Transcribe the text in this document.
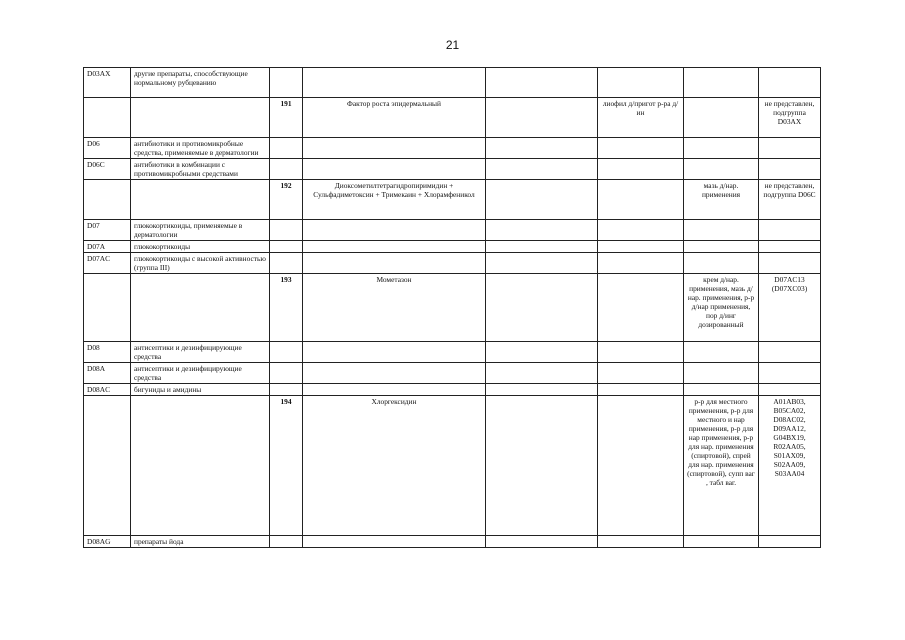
21
D03AX	другие препараты, способствующие нормальному рубцеванию						
		191	Фактор роста эпидермальный		лиофил д/пригот р-ра д/ин		не представлен, подгруппа D03AX
D06	антибиотики и противомикробные средства, применяемые в дерматологии						
D06C	антибиотики в комбинации с противомикробными средствами						
		192	Диоксометилтетрагидропиримидин + Сульфадиметоксин + Тримекаин + Хлорамфеникол			мазь д/нар. применения	не представлен, подгруппа D06C
D07	глюкокортикоиды, применяемые в дерматологии						
D07A	глюкокортикоиды						
D07AC	глюкокортикоиды с высокой активностью (группа III)						
		193	Мометазон			крем д/нар. применения, мазь д/нар. применения, р-р д/нар применения, пор д/инг дозированный	D07AC13 (D07XC03)
D08	антисептики и дезинфицирующие средства						
D08A	антисептики и дезинфицирующие средства						
D08AC	бигуниды и амидины						
		194	Хлоргексидин			р-р для местного применения, р-р для местного и нар применения, р-р для нар применения, р-р для нар. применения (спиртовой), спрей для нар. применения (спиртовой), супп ваг , табл ваг.	A01AB03, B05CA02, D08AC02, D09AA12, G04BX19, R02AA05, S01AX09, S02AA09, S03AA04
D08AG	препараты йода						
